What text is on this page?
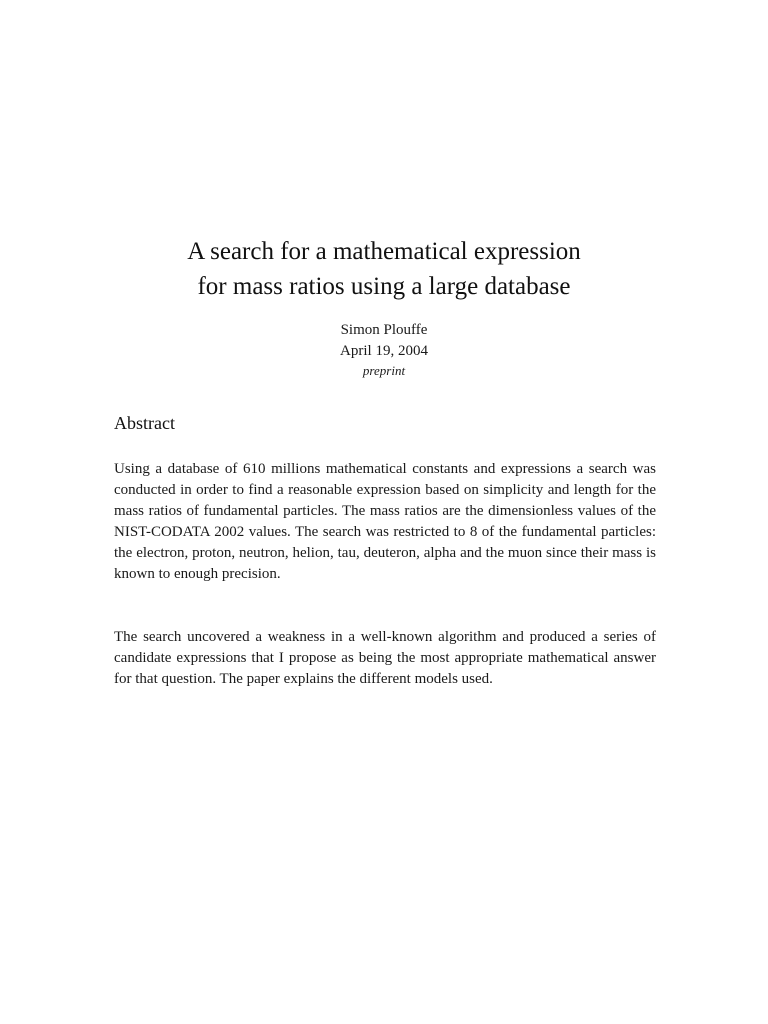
A search for a mathematical expression
for mass ratios using a large database
Simon Plouffe
April 19, 2004
preprint
Abstract

Using a database of 610 millions mathematical constants and expressions a search was conducted in order to find a reasonable expression based on simplicity and length for the mass ratios of fundamental particles. The mass ratios are the dimensionless values of the NIST-CODATA 2002 values. The search was restricted to 8 of the fundamental particles: the electron, proton, neutron, helion, tau, deuteron, alpha and the muon since their mass is known to enough precision.

The search uncovered a weakness in a well-known algorithm and produced a series of candidate expressions that I propose as being the most appropriate mathematical answer for that question. The paper explains the different models used.
